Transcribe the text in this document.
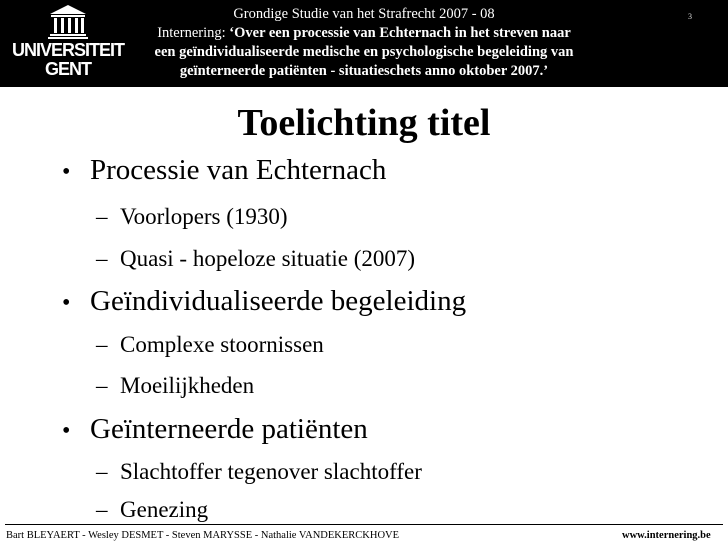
UNIVERSITEIT
GENT
Grondige Studie van het Strafrecht 2007 - 08
Internering: ‘Over een processie van Echternach in het streven naar
een geïndividualiseerde medische en psychologische begeleiding van
geïnterneerde patiënten - situatieschets anno oktober 2007.’
3
Toelichting titel
• Processie van Echternach
– Voorlopers (1930)
– Quasi - hopeloze situatie (2007)
• Geïndividualiseerde begeleiding
– Complexe stoornissen
– Moeilijkheden
• Geïnterneerde patiënten
– Slachtoffer tegenover slachtoffer
– Genezing
Bart BLEYAERT - Wesley DESMET - Steven MARYSSE - Nathalie VANDEKERCKHOVE	www.internering.be
